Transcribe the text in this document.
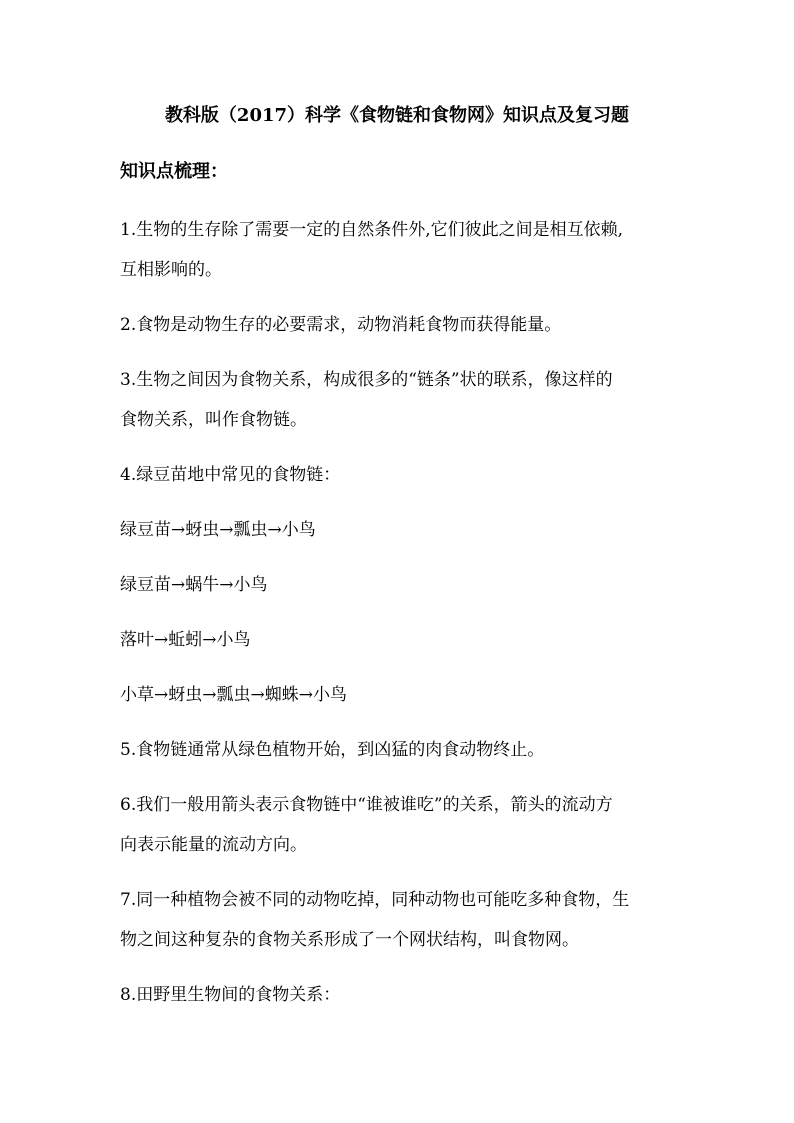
教科版（2017）科学《食物链和食物网》知识点及复习题
知识点梳理：
1.生物的生存除了需要一定的自然条件外,它们彼此之间是相互依赖,
互相影响的。
2.食物是动物生存的必要需求，动物消耗食物而获得能量。
3.生物之间因为食物关系，构成很多的“链条”状的联系，像这样的
食物关系，叫作食物链。
4.绿豆苗地中常见的食物链：
绿豆苗→蚜虫→瓢虫→小鸟
绿豆苗→蜗牛→小鸟
落叶→蚯蚓→小鸟
小草→蚜虫→瓢虫→蜘蛛→小鸟
5.食物链通常从绿色植物开始，到凶猛的肉食动物终止。
6.我们一般用箭头表示食物链中“谁被谁吃”的关系，箭头的流动方
向表示能量的流动方向。
7.同一种植物会被不同的动物吃掉，同种动物也可能吃多种食物，生
物之间这种复杂的食物关系形成了一个网状结构，叫食物网。
8.田野里生物间的食物关系：
